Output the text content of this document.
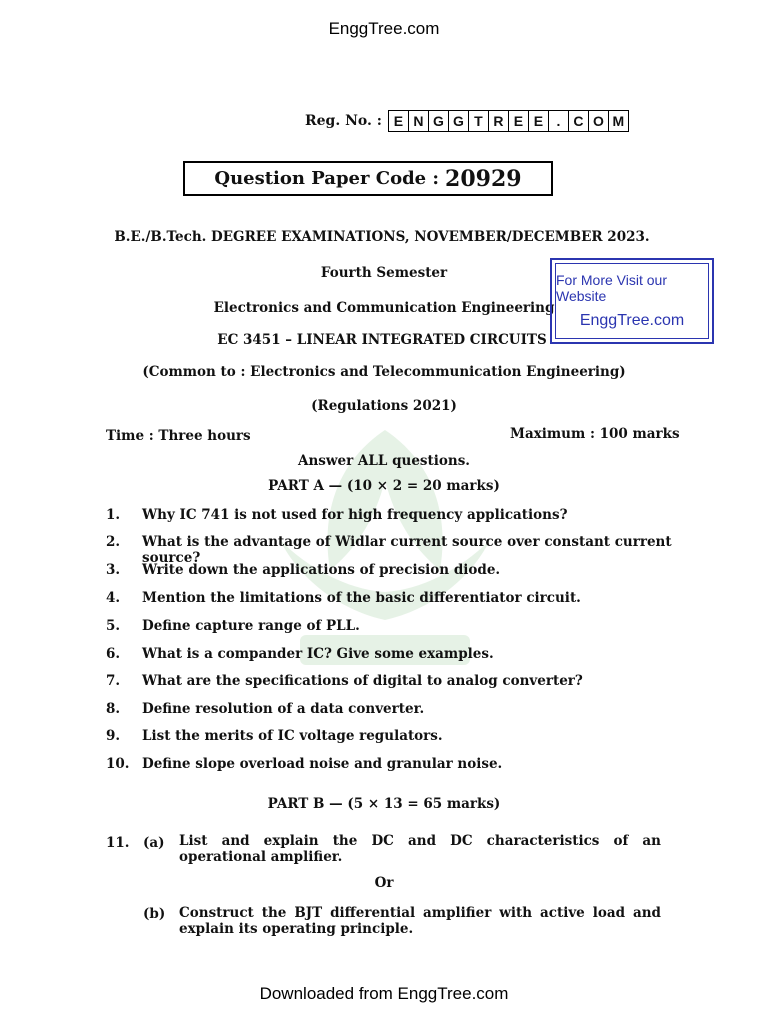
EnggTree.com
Reg. No. : E N G G T R E E . C O M
Question Paper Code : 20929
B.E./B.Tech. DEGREE EXAMINATIONS, NOVEMBER/DECEMBER 2023.
Fourth Semester
Electronics and Communication Engineering
EC 3451 – LINEAR INTEGRATED CIRCUITS
(Common to : Electronics and Telecommunication Engineering)
(Regulations 2021)
For More Visit our Website
EnggTree.com
Time : Three hours	Maximum : 100 marks
Answer ALL questions.
PART A — (10 × 2 = 20 marks)
1.	Why IC 741 is not used for high frequency applications?
2.	What is the advantage of Widlar current source over constant current source?
3.	Write down the applications of precision diode.
4.	Mention the limitations of the basic differentiator circuit.
5.	Define capture range of PLL.
6.	What is a compander IC? Give some examples.
7.	What are the specifications of digital to analog converter?
8.	Define resolution of a data converter.
9.	List the merits of IC voltage regulators.
10. Define slope overload noise and granular noise.
PART B — (5 × 13 = 65 marks)
11. (a) List and explain the DC and DC characteristics of an operational amplifier.
Or
(b) Construct the BJT differential amplifier with active load and explain its operating principle.
Downloaded from EnggTree.com
